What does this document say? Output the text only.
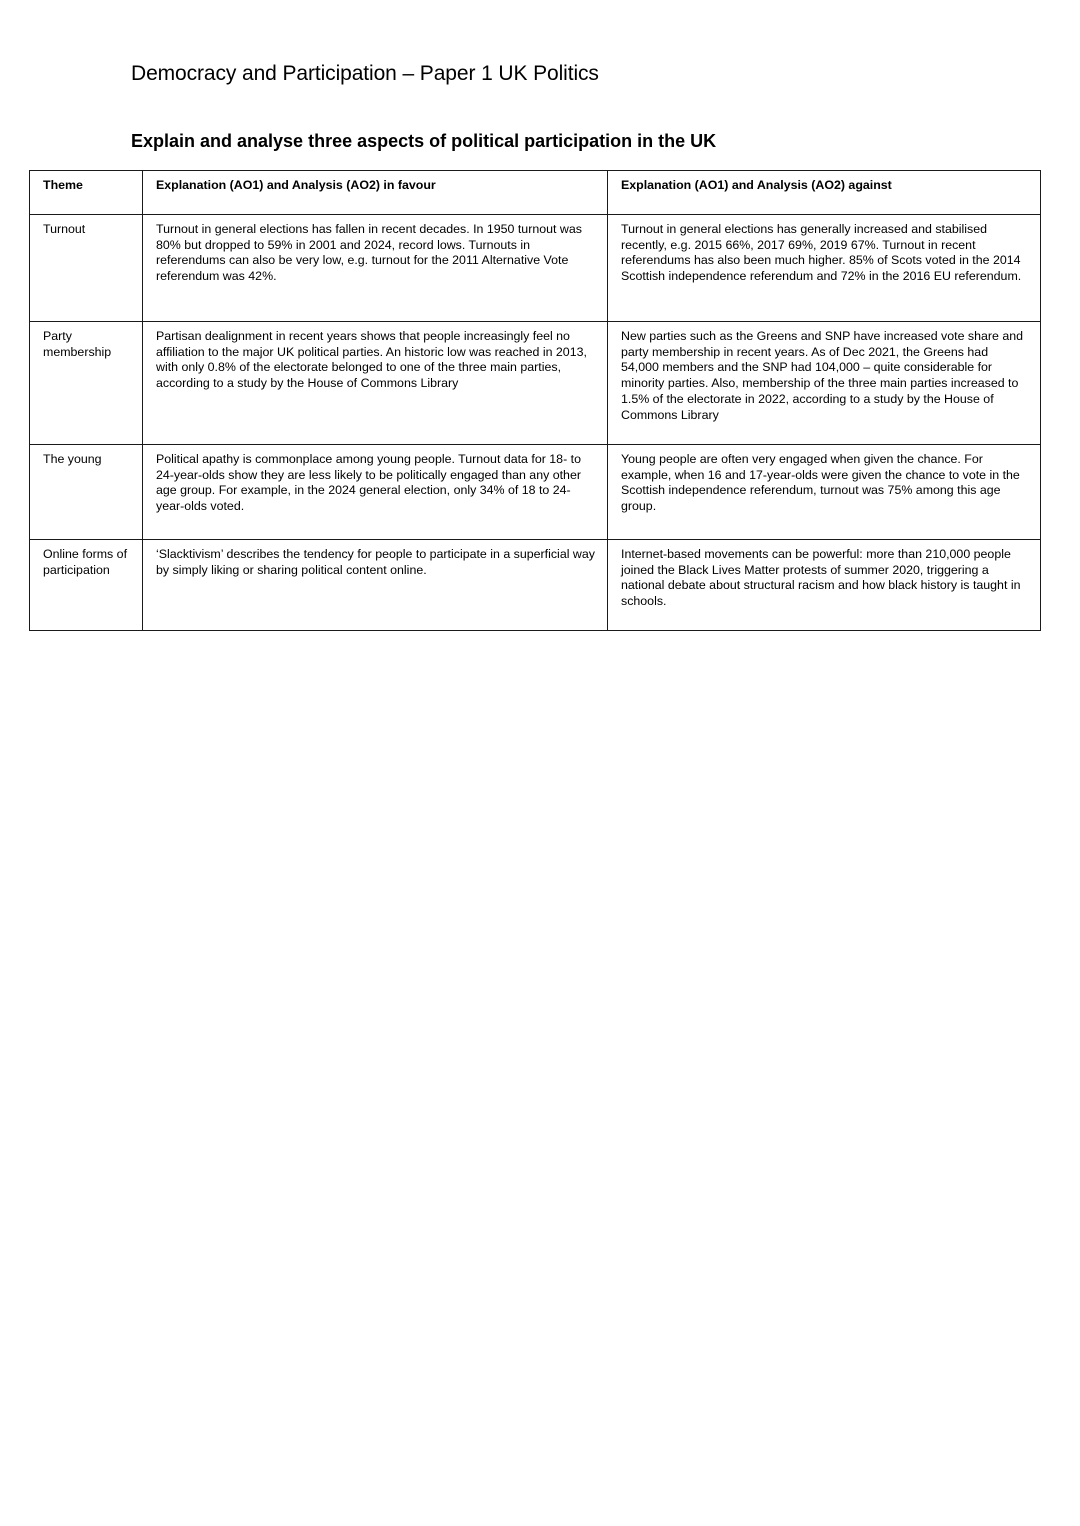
Democracy and Participation – Paper 1 UK Politics
Explain and analyse three aspects of political participation in the UK
Theme	Explanation (AO1) and Analysis (AO2) in favour	Explanation (AO1) and Analysis (AO2) against
Turnout	Turnout in general elections has fallen in recent decades. In 1950 turnout was 80% but dropped to 59% in 2001 and 2024, record lows. Turnouts in referendums can also be very low, e.g. turnout for the 2011 Alternative Vote referendum was 42%.	Turnout in general elections has generally increased and stabilised recently, e.g. 2015 66%, 2017 69%, 2019 67%. Turnout in recent referendums has also been much higher. 85% of Scots voted in the 2014 Scottish independence referendum and 72% in the 2016 EU referendum.
Party membership	Partisan dealignment in recent years shows that people increasingly feel no affiliation to the major UK political parties. An historic low was reached in 2013, with only 0.8% of the electorate belonged to one of the three main parties, according to a study by the House of Commons Library	New parties such as the Greens and SNP have increased vote share and party membership in recent years. As of Dec 2021, the Greens had 54,000 members and the SNP had 104,000 – quite considerable for minority parties. Also, membership of the three main parties increased to 1.5% of the electorate in 2022, according to a study by the House of Commons Library
The young	Political apathy is commonplace among young people. Turnout data for 18- to 24-year-olds show they are less likely to be politically engaged than any other age group. For example, in the 2024 general election, only 34% of 18 to 24-year-olds voted.	Young people are often very engaged when given the chance. For example, when 16 and 17-year-olds were given the chance to vote in the Scottish independence referendum, turnout was 75% among this age group.
Online forms of participation	‘Slacktivism’ describes the tendency for people to participate in a superficial way by simply liking or sharing political content online.	Internet-based movements can be powerful: more than 210,000 people joined the Black Lives Matter protests of summer 2020, triggering a national debate about structural racism and how black history is taught in schools.
